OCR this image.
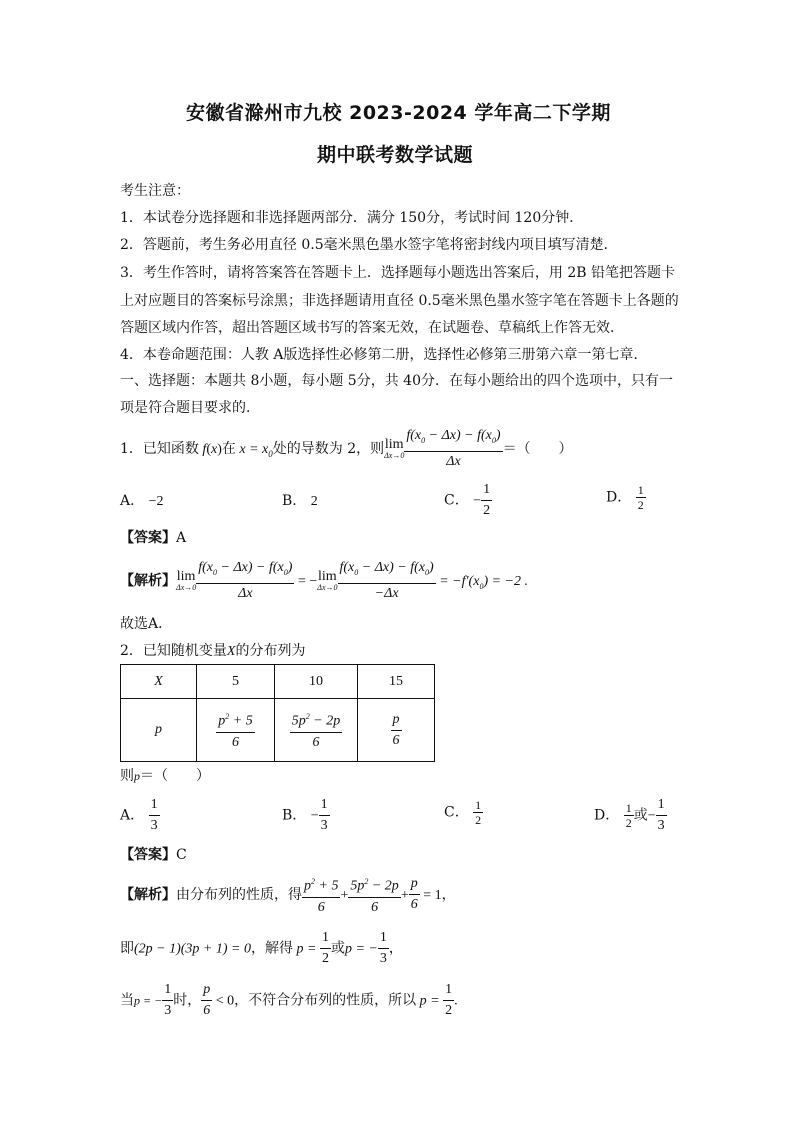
安徽省滁州市九校 2023-2024 学年高二下学期
期中联考数学试题
考生注意：
1．本试卷分选择题和非选择题两部分．满分 150分，考试时间 120分钟．
2．答题前，考生务必用直径 0.5毫米黑色墨水签字笔将密封线内项目填写清楚．
3．考生作答时，请将答案答在答题卡上．选择题每小题选出答案后，用 2B 铅笔把答题卡
上对应题目的答案标号涂黑；非选择题请用直径 0.5毫米黑色墨水签字笔在答题卡上各题的
答题区域内作答，超出答题区域书写的答案无效，在试题卷、草稿纸上作答无效．
4．本卷命题范围：人教 A版选择性必修第二册，选择性必修第三册第六章一第七章．
一、选择题：本题共 8小题，每小题 5分，共 40分．在每小题给出的四个选项中，只有一
项是符合题目要求的．
1．已知函数 f(x)在 $x = x_0$处的导数为 2，则lim
$\Delta x\to 0 \frac{f(x_0 - \Delta x) - f(x_0)}{\Delta x}$ ＝（　　）
A． −2	B． 2	C． − $\frac{1}{2}$	D． $\frac{1}{2}$
【答案】A
【解析】lim
$\Delta x\to 0 \frac{f(x_0 - \Delta x) - f(x_0)}{\Delta x} = -\lim$
$\Delta x\to 0 \frac{f(x_0 - \Delta x) - f(x_0)}{-\Delta x} = -f'(x_0) = -2$ .
故选A．
2．已知随机变量X的分布列为
X	5	10	15
p	$\frac{p^2 + 5}{6}$	$\frac{5p^2 - 2p}{6}$	$\frac{p}{6}$
则p＝（　　）
A． $\frac{1}{3}$	B． − $\frac{1}{3}$	C． $\frac{1}{2}$	D． $\frac{1}{2}$ 或− $\frac{1}{3}$
【答案】C
【解析】由分布列的性质，得 $\frac{p^2 + 5}{6} + \frac{5p^2 - 2p}{6} + \frac{p}{6} = 1$，
即(2p − 1)(3p + 1) = 0，解得 $p = \frac{1}{2}$ 或p = − $\frac{1}{3}$ ，
当p = − $\frac{1}{3}$ 时， $\frac{p}{6} < 0$，不符合分布列的性质，所以 $p = \frac{1}{2}$ .
